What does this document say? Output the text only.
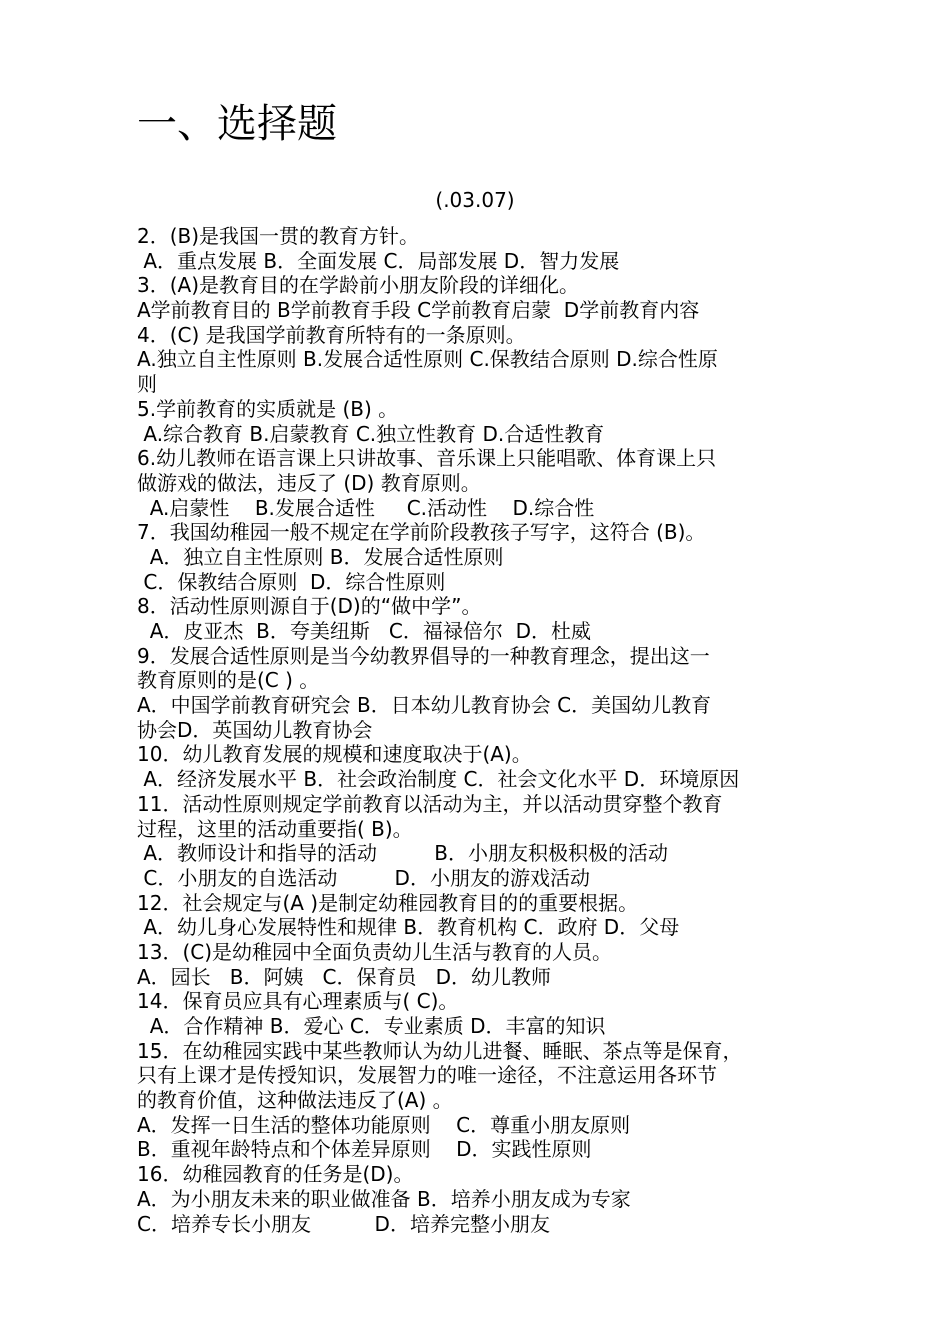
一、选择题
(.03.07)
2．(B)是我国一贯的教育方针。
A．重点发展 B．全面发展 C．局部发展 D．智力发展
3．(A)是教育目的在学龄前小朋友阶段的详细化。
A学前教育目的 B学前教育手段 C学前教育启蒙  D学前教育内容
4．(C) 是我国学前教育所特有的一条原则。
A.独立自主性原则 B.发展合适性原则 C.保教结合原则 D.综合性原
则
5.学前教育的实质就是 (B) 。
A.综合教育 B.启蒙教育 C.独立性教育 D.合适性教育
6.幼儿教师在语言课上只讲故事、音乐课上只能唱歌、体育课上只
做游戏的做法，违反了 (D) 教育原则。
A.启蒙性    B.发展合适性     C.活动性    D.综合性
7．我国幼稚园一般不规定在学前阶段教孩子写字，这符合 (B)。
A．独立自主性原则 B．发展合适性原则
C．保教结合原则  D．综合性原则
8．活动性原则源自于(D)的“做中学”。
A．皮亚杰  B．夸美纽斯   C．福禄倍尔  D．杜威
9．发展合适性原则是当今幼教界倡导的一种教育理念，提出这一
教育原则的是(C ) 。
A．中国学前教育研究会 B．日本幼儿教育协会 C．美国幼儿教育
协会D．英国幼儿教育协会
10．幼儿教育发展的规模和速度取决于(A)。
A．经济发展水平 B．社会政治制度 C．社会文化水平 D．环境原因
11．活动性原则规定学前教育以活动为主，并以活动贯穿整个教育
过程，这里的活动重要指( B)。
A．教师设计和指导的活动         B．小朋友积极积极的活动
C．小朋友的自选活动         D．小朋友的游戏活动
12．社会规定与(A )是制定幼稚园教育目的的重要根据。
A．幼儿身心发展特性和规律 B．教育机构 C．政府 D．父母
13．(C)是幼稚园中全面负责幼儿生活与教育的人员。
A．园长   B．阿姨   C．保育员   D．幼儿教师
14．保育员应具有心理素质与( C)。
A．合作精神 B．爱心 C．专业素质 D．丰富的知识
15．在幼稚园实践中某些教师认为幼儿进餐、睡眠、茶点等是保育，
只有上课才是传授知识，发展智力的唯一途径，不注意运用各环节
的教育价值，这种做法违反了(A) 。
A．发挥一日生活的整体功能原则    C．尊重小朋友原则
B．重视年龄特点和个体差异原则    D．实践性原则
16．幼稚园教育的任务是(D)。
A．为小朋友未来的职业做准备 B．培养小朋友成为专家
C．培养专长小朋友          D．培养完整小朋友
